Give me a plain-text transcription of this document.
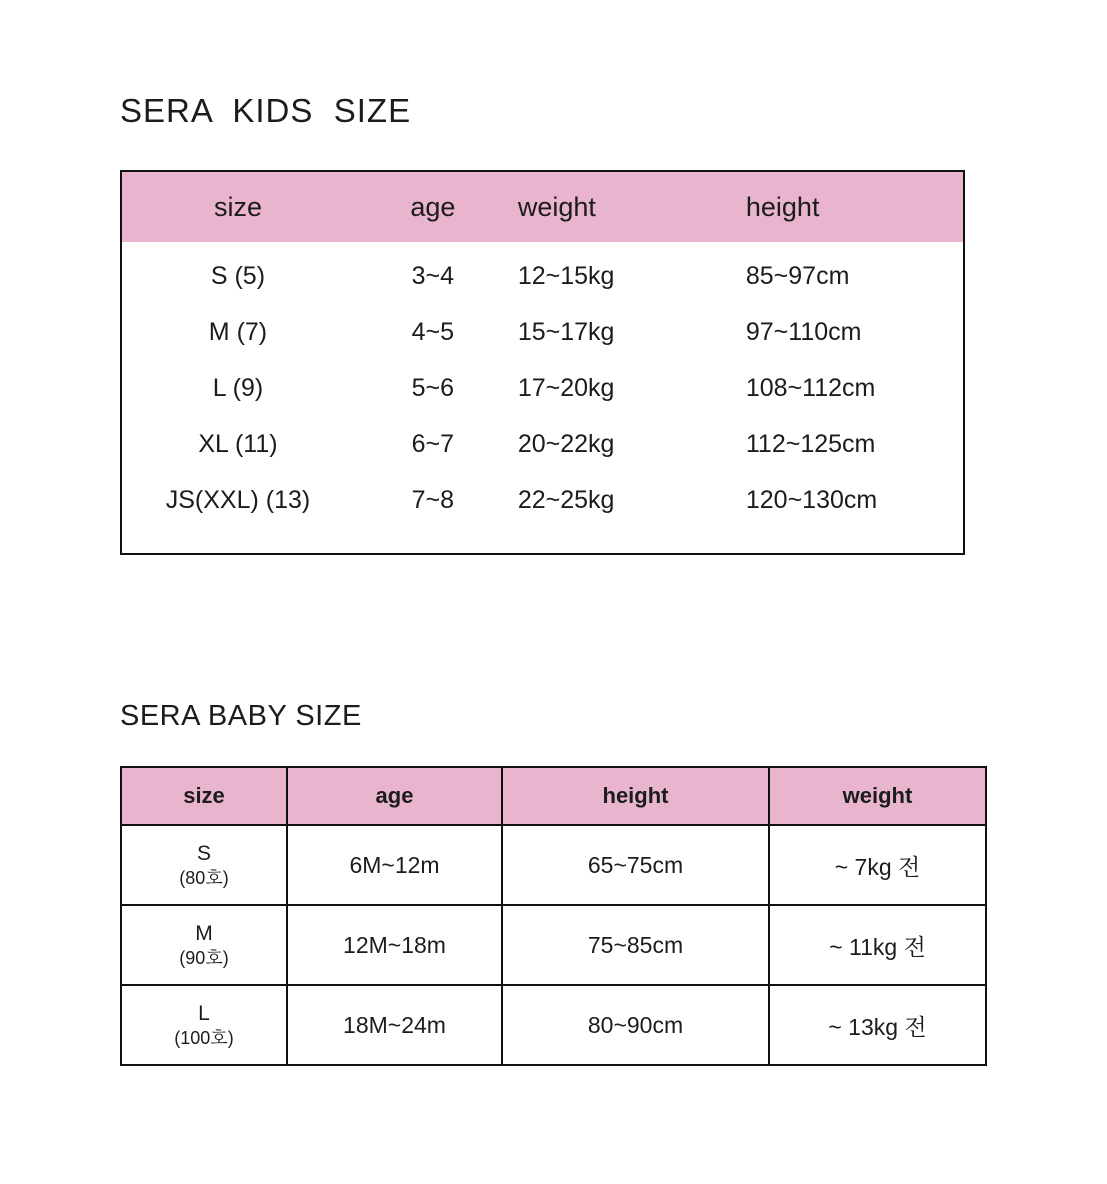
SERA  KIDS  SIZE
size	age	weight	height
S (5)	3~4	12~15kg	85~97cm
M (7)	4~5	15~17kg	97~110cm
L (9)	5~6	17~20kg	108~112cm
XL (11)	6~7	20~22kg	112~125cm
JS(XXL) (13)	7~8	22~25kg	120~130cm
SERA BABY SIZE
size	age	height	weight

S
(80호)	6M~12m	65~75cm	~ 7kg 전

M
(90호)	12M~18m	75~85cm	~ 11kg 전

L
(100호)	18M~24m	80~90cm	~ 13kg 전
